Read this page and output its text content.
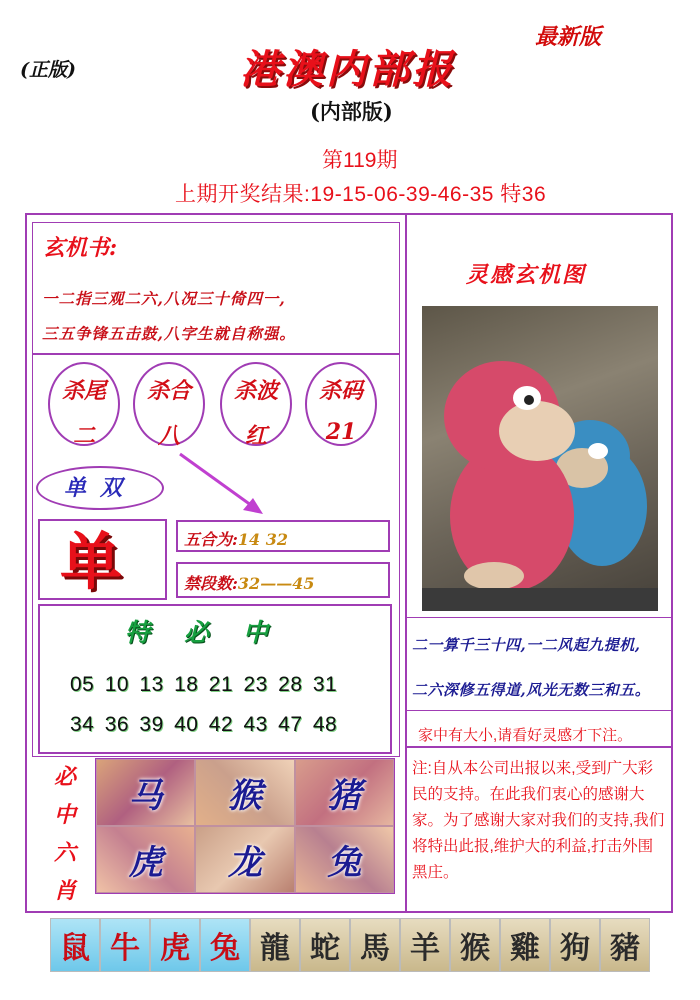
(正版)
最新版
港澳内部报
(内部版)
第119期
上期开奖结果:19-15-06-39-46-35 特36
玄机书:
一二指三观二六,八况三十倚四一,
三五争锋五击鼓,八字生就自称强。
杀尾
二
杀合
八
杀波
红
杀码
21
单双
单	五合为:14 32
禁段数:32——45
特必中
05 10 13 18 21 23 28 31
34 36 39 40 42 43 47 48
必
中
六
肖
马 猴 猪
虎 龙 兔
灵感玄机图
二一算千三十四,一二风起九提机,
二六深修五得道,风光无数三和五。
家中有大小,请看好灵感才下注。
注:自从本公司出报以来,受到广大彩民的支持。在此我们衷心的感谢大家。为了感谢大家对我们的支持,我们将特出此报,维护大的利益,打击外围黑庄。
鼠 牛 虎 兔 龍 蛇 馬 羊 猴 雞 狗 豬
